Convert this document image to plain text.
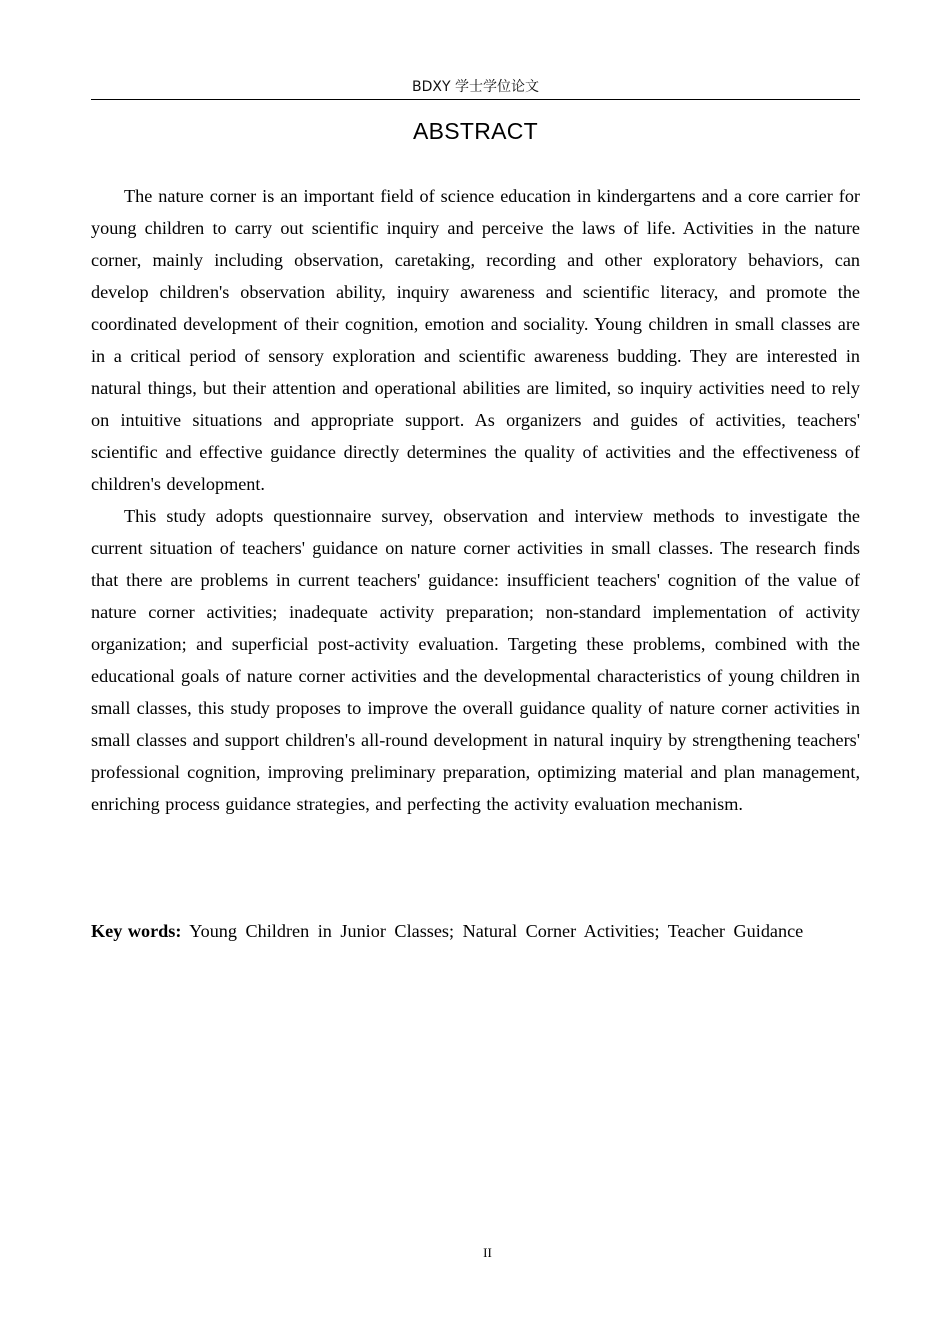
BDXY 学士学位论文
ABSTRACT

The nature corner is an important field of science education in kindergartens and a core carrier for young children to carry out scientific inquiry and perceive the laws of life. Activities in the nature corner, mainly including observation, caretaking, recording and other exploratory behaviors, can develop children's observation ability, inquiry awareness and scientific literacy, and promote the coordinated development of their cognition, emotion and sociality. Young children in small classes are in a critical period of sensory exploration and scientific awareness budding. They are interested in natural things, but their attention and operational abilities are limited, so inquiry activities need to rely on intuitive situations and appropriate support. As organizers and guides of activities, teachers' scientific and effective guidance directly determines the quality of activities and the effectiveness of children's development.

This study adopts questionnaire survey, observation and interview methods to investigate the current situation of teachers' guidance on nature corner activities in small classes. The research finds that there are problems in current teachers' guidance: insufficient teachers' cognition of the value of nature corner activities; inadequate activity preparation; non-standard implementation of activity organization; and superficial post-activity evaluation. Targeting these problems, combined with the educational goals of nature corner activities and the developmental characteristics of young children in small classes, this study proposes to improve the overall guidance quality of nature corner activities in small classes and support children's all-round development in natural inquiry by strengthening teachers' professional cognition, improving preliminary preparation, optimizing material and plan management, enriching process guidance strategies, and perfecting the activity evaluation mechanism.

Key words: Young Children in Junior Classes; Natural Corner Activities; Teacher Guidance
II
